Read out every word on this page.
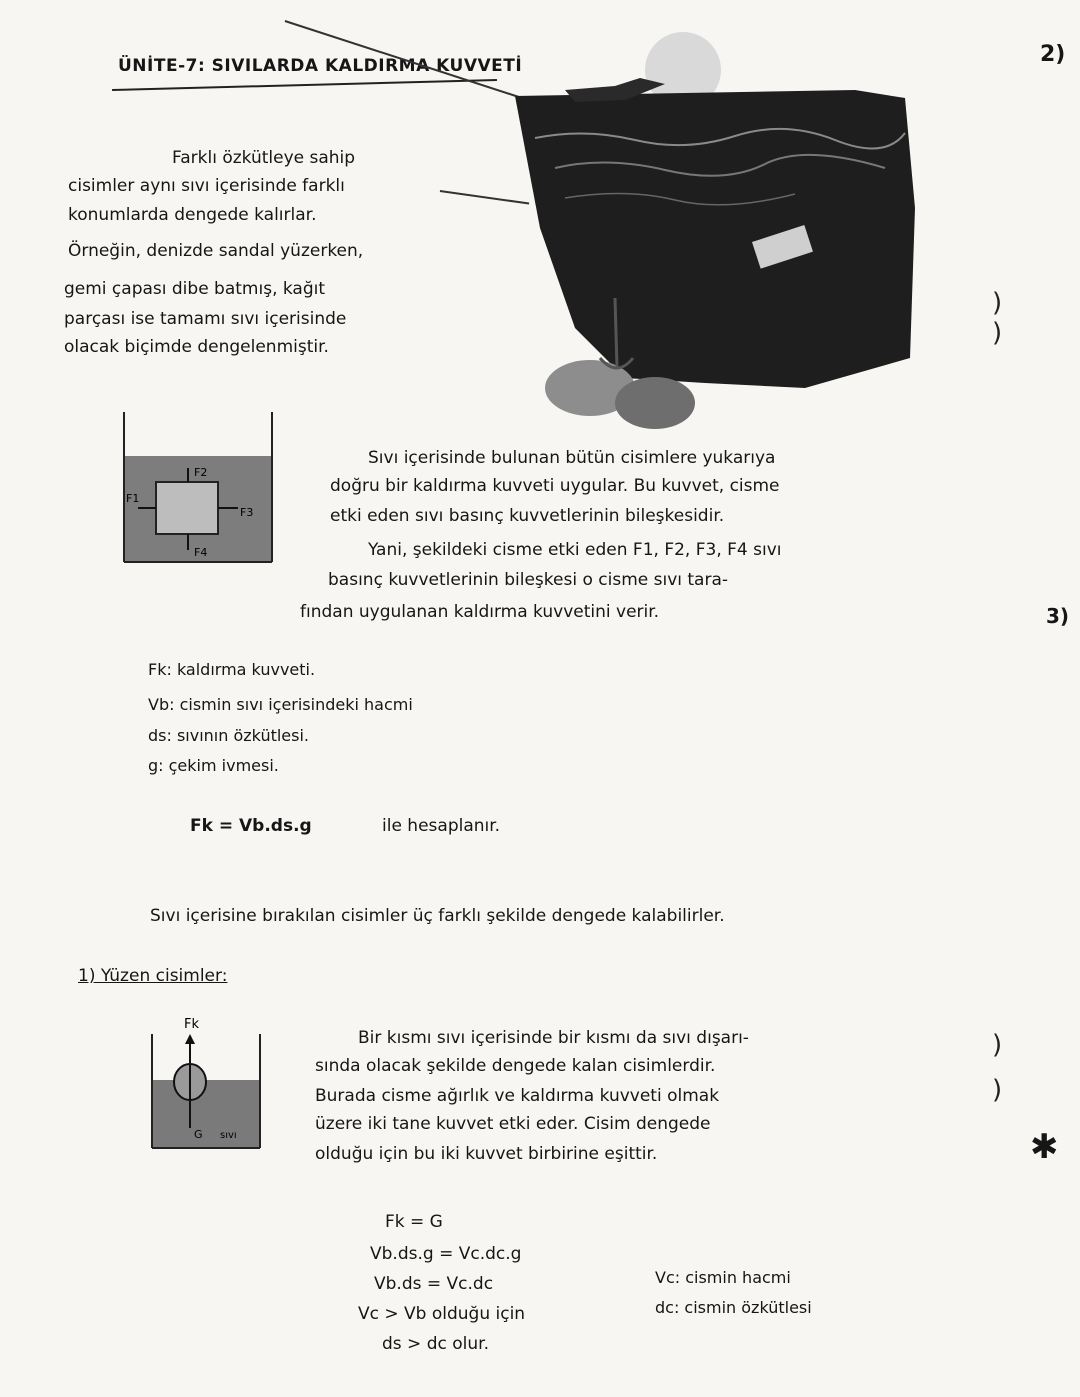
ÜNİTE-7: SIVILARDA KALDIRMA KUVVETİ	2)
3)
✱
)
)
)
)
Farklı özkütleye sahip
cisimler aynı sıvı içerisinde farklı
konumlarda dengede kalırlar.
Örneğin, denizde sandal yüzerken,
gemi çapası dibe batmış, kağıt
parçası ise tamamı sıvı içerisinde
olacak biçimde dengelenmiştir.
F1
F2
F3
F4
Sıvı içerisinde bulunan bütün cisimlere yukarıya
doğru bir kaldırma kuvveti uygular. Bu kuvvet, cisme
etki eden sıvı basınç kuvvetlerinin bileşkesidir.
Yani, şekildeki cisme etki eden F1, F2, F3, F4 sıvı
basınç kuvvetlerinin bileşkesi o cisme sıvı tara-
fından uygulanan kaldırma kuvvetini verir.
Fk: kaldırma kuvveti.
Vb: cismin sıvı içerisindeki hacmi
ds: sıvının özkütlesi.
g: çekim ivmesi.
Fk = Vb.ds.g	ile hesaplanır.
Sıvı içerisine bırakılan cisimler üç farklı şekilde dengede kalabilirler.
1) Yüzen cisimler:
Fk
G sıvı
Bir kısmı sıvı içerisinde bir kısmı da sıvı dışarı-
sında olacak şekilde dengede kalan cisimlerdir.
Burada cisme ağırlık ve kaldırma kuvveti olmak
üzere iki tane kuvvet etki eder. Cisim dengede
olduğu için bu iki kuvvet birbirine eşittir.
Fk = G
Vb.ds.g = Vc.dc.g
Vb.ds = Vc.dc
Vc > Vb olduğu için
ds > dc olur.
Vc: cismin hacmi
dc: cismin özkütlesi
